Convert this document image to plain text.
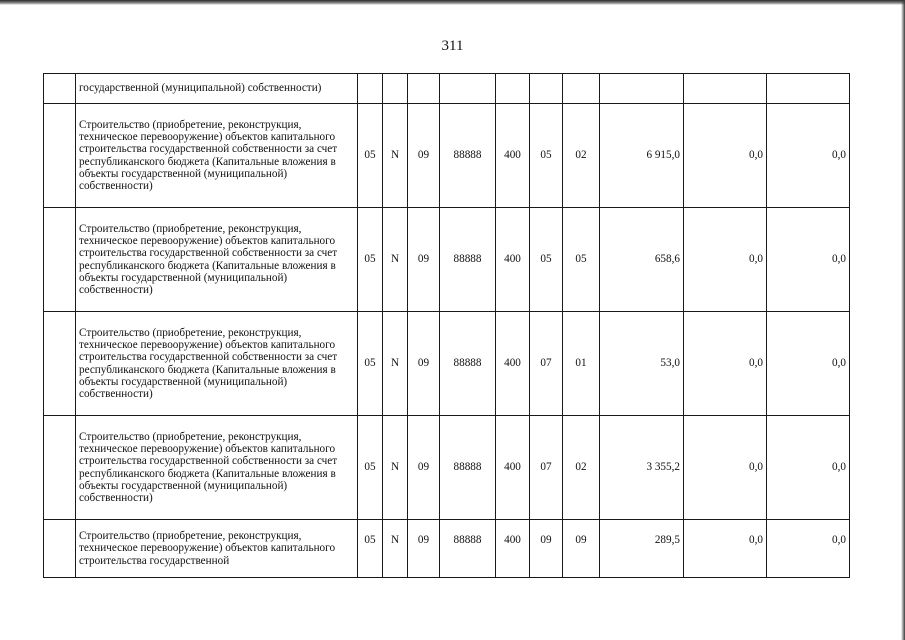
311
	государственной (муниципальной) собственности)										
	Строительство (приобретение, реконструкция, техническое перевооружение) объектов капитального строительства государственной собственности за счет республиканского бюджета (Капитальные вложения в объекты государственной (муниципальной) собственности)	05	N	09	88888	400	05	02	6 915,0	0,0	0,0
	Строительство (приобретение, реконструкция, техническое перевооружение) объектов капитального строительства государственной собственности за счет республиканского бюджета (Капитальные вложения в объекты государственной (муниципальной) собственности)	05	N	09	88888	400	05	05	658,6	0,0	0,0
	Строительство (приобретение, реконструкция, техническое перевооружение) объектов капитального строительства государственной собственности за счет республиканского бюджета (Капитальные вложения в объекты государственной (муниципальной) собственности)	05	N	09	88888	400	07	01	53,0	0,0	0,0
	Строительство (приобретение, реконструкция, техническое перевооружение) объектов капитального строительства государственной собственности за счет республиканского бюджета (Капитальные вложения в объекты государственной (муниципальной) собственности)	05	N	09	88888	400	07	02	3 355,2	0,0	0,0
	Строительство (приобретение, реконструкция, техническое перевооружение) объектов капитального строительства государственной	05	N	09	88888	400	09	09	289,5	0,0	0,0
